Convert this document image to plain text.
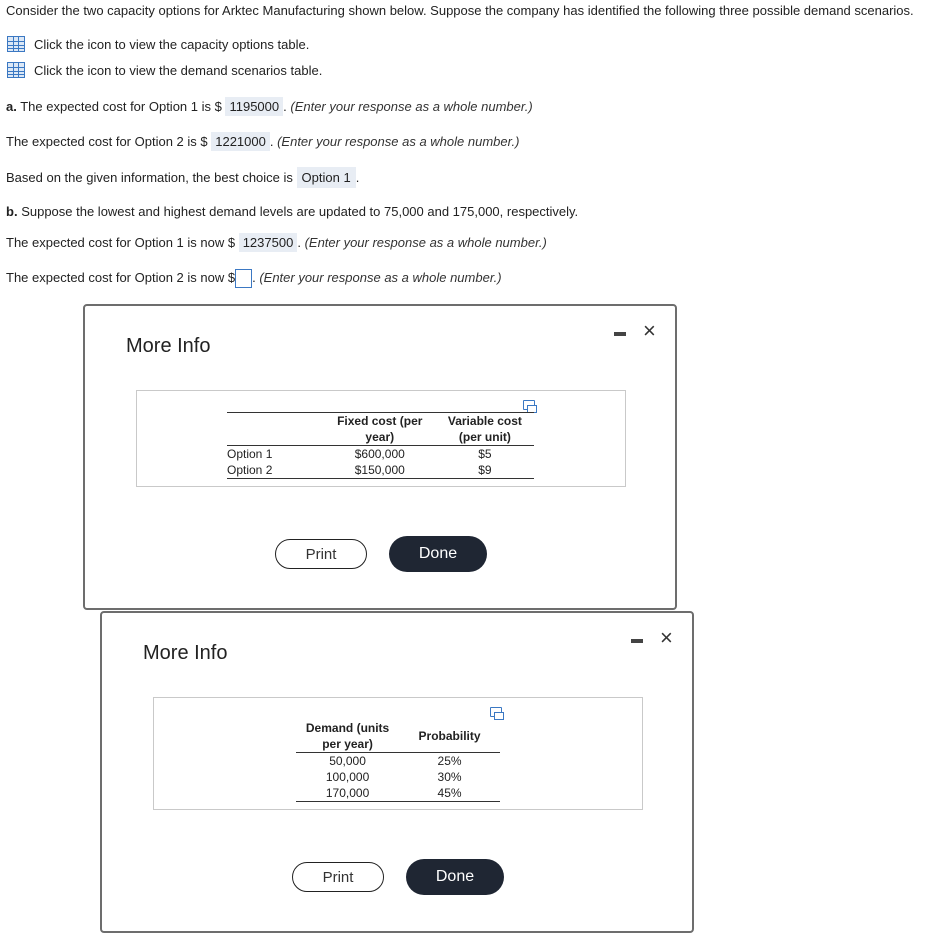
Consider the two capacity options for Arktec Manufacturing shown below. Suppose the company has identified the following three possible demand scenarios.
Click the icon to view the capacity options table.
Click the icon to view the demand scenarios table.
a. The expected cost for Option 1 is $ 1195000 . (Enter your response as a whole number.)
The expected cost for Option 2 is $ 1221000 . (Enter your response as a whole number.)
Based on the given information, the best choice is Option 1 .
b. Suppose the lowest and highest demand levels are updated to 75,000 and 175,000, respectively.
The expected cost for Option 1 is now $ 1237500 . (Enter your response as a whole number.)
The expected cost for Option 2 is now $ . (Enter your response as a whole number.)
More Info
×
	Fixed cost (per year)	Variable cost (per unit)
Option 1	$600,000	$5
Option 2	$150,000	$9
Print	Done
More Info
×
Demand (units per year)	Probability
50,000	25%
100,000	30%
170,000	45%
Print	Done
